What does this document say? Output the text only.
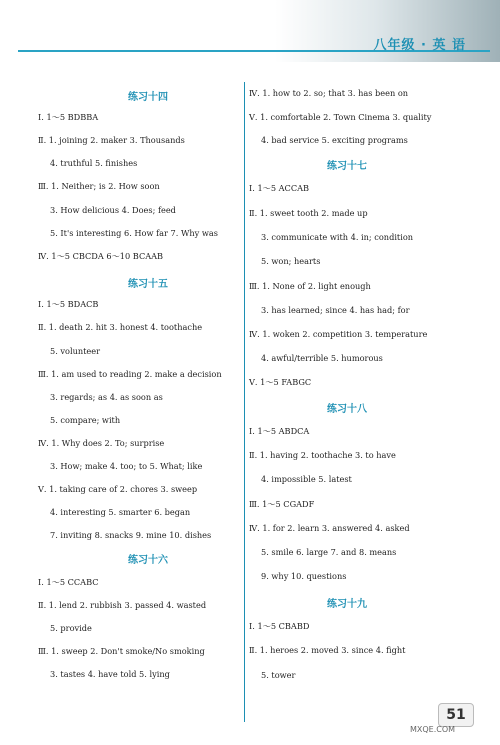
八年级 · 英 语
练习十四
Ⅰ. 1～5 BDBBA
Ⅱ. 1. joining 2. maker 3. Thousands
4. truthful 5. finishes
Ⅲ. 1. Neither; is 2. How soon
3. How delicious 4. Does; feed
5. It's interesting 6. How far 7. Why was
Ⅳ. 1～5 CBCDA 6～10 BCAAB
练习十五
Ⅰ. 1～5 BDACB
Ⅱ. 1. death 2. hit 3. honest 4. toothache
5. volunteer
Ⅲ. 1. am used to reading 2. make a decision
3. regards; as 4. as soon as
5. compare; with
Ⅳ. 1. Why does 2. To; surprise
3. How; make 4. too; to 5. What; like
Ⅴ. 1. taking care of 2. chores 3. sweep
4. interesting 5. smarter 6. began
7. inviting 8. snacks 9. mine 10. dishes
练习十六
Ⅰ. 1～5 CCABC
Ⅱ. 1. lend 2. rubbish 3. passed 4. wasted
5. provide
Ⅲ. 1. sweep 2. Don't smoke/No smoking
3. tastes 4. have told 5. lying
Ⅳ. 1. how to 2. so; that 3. has been on
Ⅴ. 1. comfortable 2. Town Cinema 3. quality
4. bad service 5. exciting programs
练习十七
Ⅰ. 1～5 ACCAB
Ⅱ. 1. sweet tooth 2. made up
3. communicate with 4. in; condition
5. won; hearts
Ⅲ. 1. None of 2. light enough
3. has learned; since 4. has had; for
Ⅳ. 1. woken 2. competition 3. temperature
4. awful/terrible 5. humorous
Ⅴ. 1～5 FABGC
练习十八
Ⅰ. 1～5 ABDCA
Ⅱ. 1. having 2. toothache 3. to have
4. impossible 5. latest
Ⅲ. 1～5 CGADF
Ⅳ. 1. for 2. learn 3. answered 4. asked
5. smile 6. large 7. and 8. means
9. why 10. questions
练习十九
Ⅰ. 1～5 CBABD
Ⅱ. 1. heroes 2. moved 3. since 4. fight
5. tower
51
MXQE.COM
